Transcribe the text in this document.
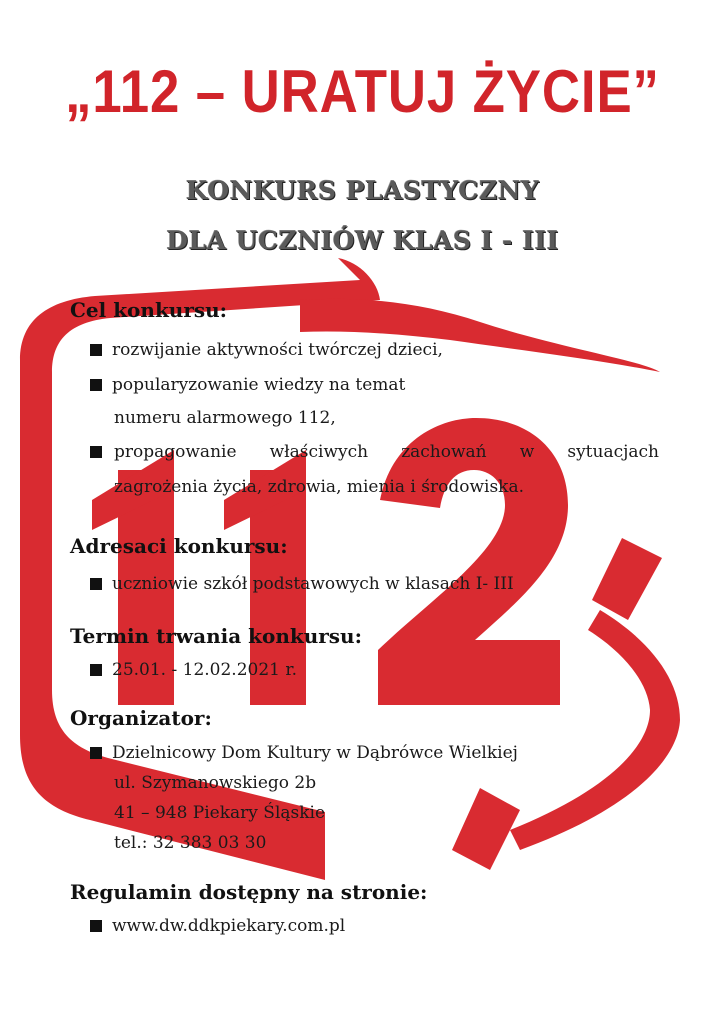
„112 – URATUJ ŻYCIE”
KONKURS PLASTYCZNY
DLA UCZNIÓW KLAS I - III
Cel konkursu:
rozwijanie aktywności twórczej dzieci,
popularyzowanie wiedzy na temat
numeru alarmowego 112,
propagowanie właściwych zachowań w sytuacjach
zagrożenia życia, zdrowia, mienia i środowiska.
Adresaci konkursu:
uczniowie szkół podstawowych w klasach I- III
Termin trwania konkursu:
25.01. - 12.02.2021 r.
Organizator:
Dzielnicowy Dom Kultury w Dąbrówce Wielkiej
ul. Szymanowskiego 2b
41 – 948 Piekary Śląskie
tel.: 32 383 03 30
Regulamin dostępny na stronie:
www.dw.ddkpiekary.com.pl
